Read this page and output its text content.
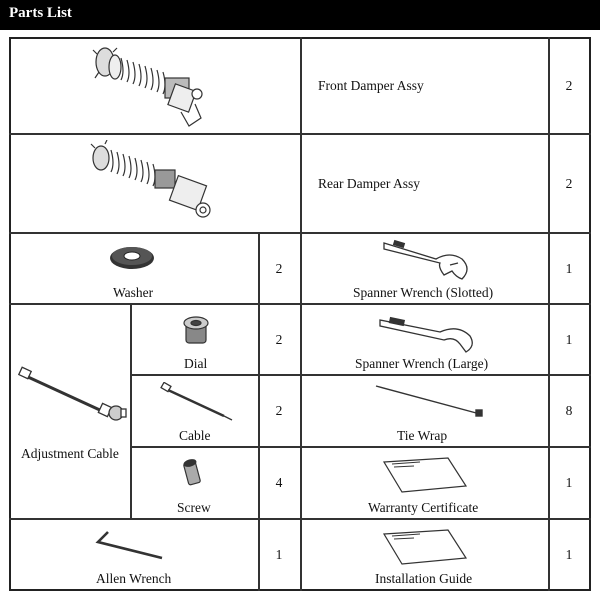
Parts List
Front Damper Assy	2
Rear Damper Assy	2
Washer
2
Spanner Wrench (Slotted)
1
Adjustment Cable
Dial
2
Spanner Wrench (Large)
1
Cable
2
Tie Wrap
8
Screw
4
Warranty Certificate
1
Allen Wrench
1
Installation Guide
1
